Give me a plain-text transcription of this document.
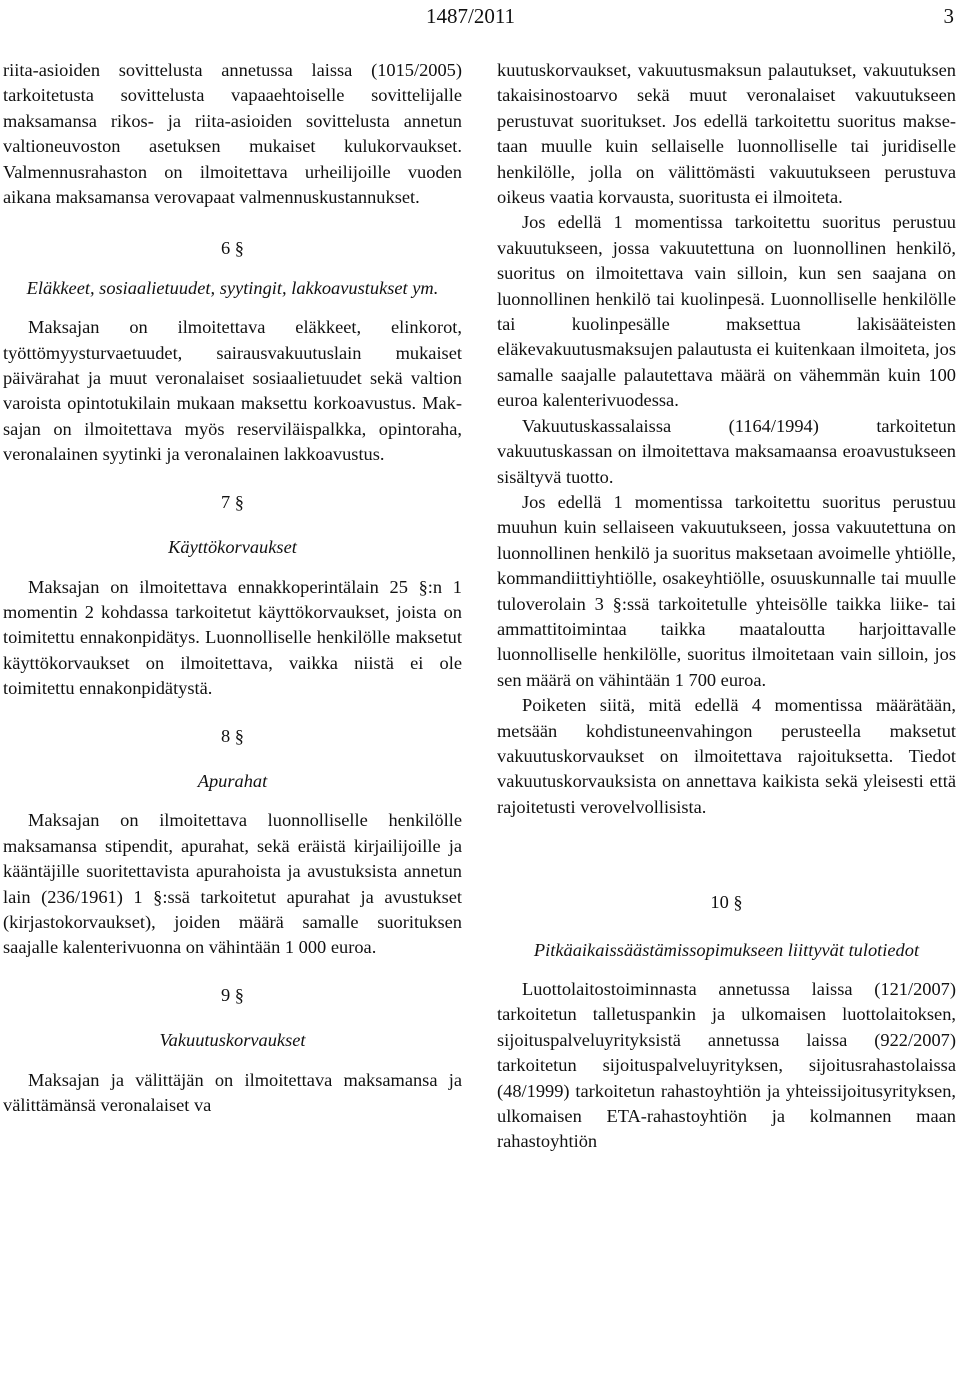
1487/2011	3

riita-asioiden sovittelusta annetussa laissa (1015/2005) tarkoitetusta sovittelusta vapaaehtoiselle sovittelijalle maksamansa rikos- ja riita-asioiden sovittelusta annetun valtioneuvoston asetuksen mukaiset kulukorvaukset. Valmennusrahaston on ilmoitettava urheilijoille vuoden aikana maksamansa verovapaat valmennuskustannukset.

6 §
Eläkkeet, sosiaalietuudet, syytingit, lakkoavustukset ym.

Maksajan on ilmoitettava eläkkeet, elinkorot, työttömyysturvaetuudet, sairausvakuutuslain mukaiset päivärahat ja muut veronalaiset sosiaalietuudet sekä valtion varoista opintotukilain mukaan maksettu korkoavustus. Maksajan on ilmoitettava myös reserviläispalkka, opintoraha, veronalainen syytinki ja veronalainen lakkoavustus.

7 §
Käyttökorvaukset

Maksajan on ilmoitettava ennakkoperintälain 25 §:n 1 momentin 2 kohdassa tarkoitetut käyttökorvaukset, joista on toimitettu ennakonpidätys. Luonnolliselle henkilölle maksetut käyttökorvaukset on ilmoitettava, vaikka niistä ei ole toimitettu ennakonpidätystä.

8 §
Apurahat

Maksajan on ilmoitettava luonnolliselle henkilölle maksamansa stipendit, apurahat, sekä eräistä kirjailijoille ja kääntäjille suoritettavista apurahoista ja avustuksista annetun lain (236/1961) 1 §:ssä tarkoitetut apurahat ja avustukset (kirjastokorvaukset), joiden määrä samalle suorituksen saajalle kalenterivuonna on vähintään 1 000 euroa.

9 §
Vakuutuskorvaukset

Maksajan ja välittäjän on ilmoitettava maksamansa ja välittämänsä veronalaiset va

kuutuskorvaukset, vakuutusmaksun palautukset, vakuutuksen takaisinostoarvo sekä muut veronalaiset vakuutukseen perustuvat suoritukset. Jos edellä tarkoitettu suoritus maksetaan muulle kuin sellaiselle luonnolliselle tai juridiselle henkilölle, jolla on välittömästi vakuutukseen perustuva oikeus vaatia korvausta, suoritusta ei ilmoiteta.

Jos edellä 1 momentissa tarkoitettu suoritus perustuu vakuutukseen, jossa vakuutettuna on luonnollinen henkilö, suoritus on ilmoitettava vain silloin, kun sen saajana on luonnollinen henkilö tai kuolinpesä. Luonnolliselle henkilölle tai kuolinpesälle maksettua lakisääteisten eläkevakuutusmaksujen palautusta ei kuitenkaan ilmoiteta, jos samalle saajalle palautettava määrä on vähemmän kuin 100 euroa kalenterivuodessa.

Vakuutuskassalaissa (1164/1994) tarkoitetun vakuutuskassan on ilmoitettava maksamaansa eroavustukseen sisältyvä tuotto.

Jos edellä 1 momentissa tarkoitettu suoritus perustuu muuhun kuin sellaiseen vakuutukseen, jossa vakuutettuna on luonnollinen henkilö ja suoritus maksetaan avoimelle yhtiölle, kommandiittiyhtiölle, osakeyhtiölle, osuuskunnalle tai muulle tuloverolain 3 §:ssä tarkoitetulle yhteisölle taikka liike- tai ammattitoimintaa taikka maataloutta harjoittavalle luonnolliselle henkilölle, suoritus ilmoitetaan vain silloin, jos sen määrä on vähintään 1 700 euroa.

Poiketen siitä, mitä edellä 4 momentissa määrätään, metsään kohdistuneenvahingon perusteella maksetut vakuutuskorvaukset on ilmoitettava rajoituksetta. Tiedot vakuutuskorvauksista on annettava kaikista sekä yleisesti että rajoitetusti verovelvollisista.

10 §
Pitkäaikaissäästämissopimukseen liittyvät tulotiedot

Luottolaitostoiminnasta annetussa laissa (121/2007) tarkoitetun talletuspankin ja ulkomaisen luottolaitoksen, sijoituspalveluyrityksistä annetussa laissa (922/2007) tarkoitetun sijoituspalveluyrityksen, sijoitusrahastolaissa (48/1999) tarkoitetun rahastoyhtiön ja yhteissijoitusyrityksen, ulkomaisen ETA-rahastoyhtiön ja kolmannen maan rahastoyhtiön
